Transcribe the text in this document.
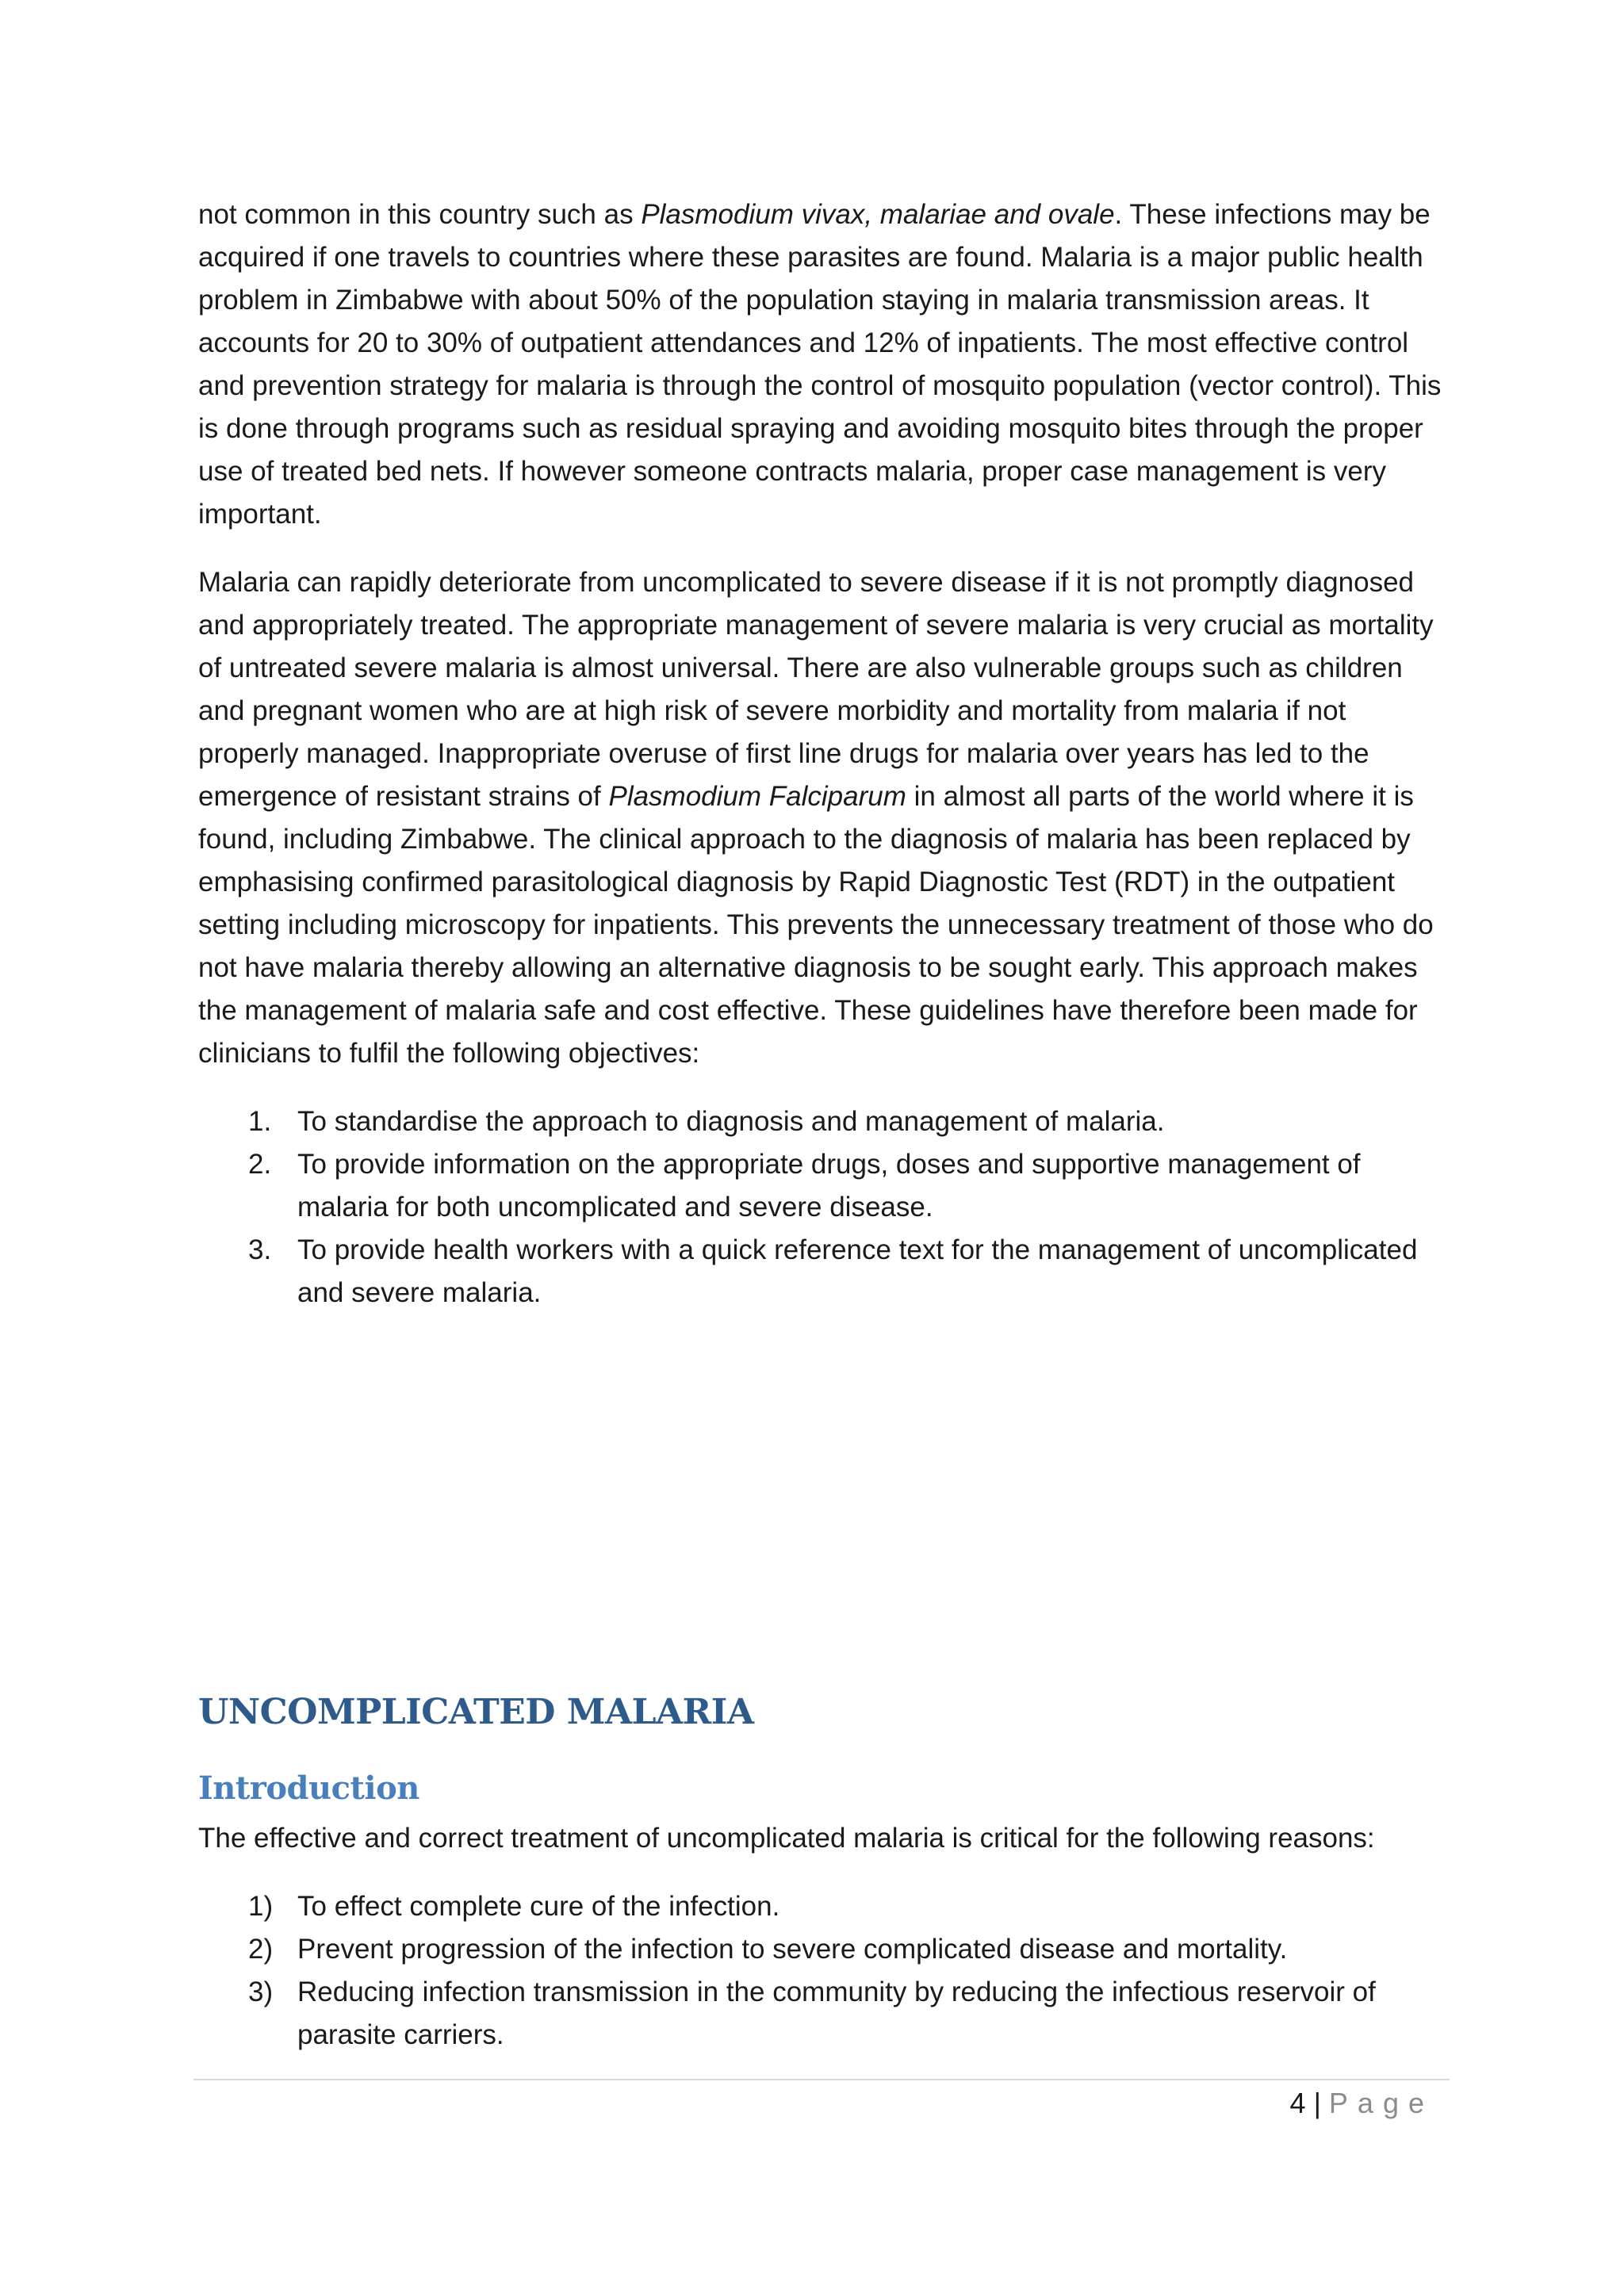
not common in this country such as Plasmodium vivax, malariae and ovale. These infections may be acquired if one travels to countries where these parasites are found. Malaria is a major public health problem in Zimbabwe with about 50% of the population staying in malaria transmission areas. It accounts for 20 to 30% of outpatient attendances and 12% of inpatients. The most effective control and prevention strategy for malaria is through the control of mosquito population (vector control). This is done through programs such as residual spraying and avoiding mosquito bites through the proper use of treated bed nets. If however someone contracts malaria, proper case management is very important.

Malaria can rapidly deteriorate from uncomplicated to severe disease if it is not promptly diagnosed and appropriately treated. The appropriate management of severe malaria is very crucial as mortality of untreated severe malaria is almost universal. There are also vulnerable groups such as children and pregnant women who are at high risk of severe morbidity and mortality from malaria if not properly managed. Inappropriate overuse of first line drugs for malaria over years has led to the emergence of resistant strains of Plasmodium Falciparum in almost all parts of the world where it is found, including Zimbabwe. The clinical approach to the diagnosis of malaria has been replaced by emphasising confirmed parasitological diagnosis by Rapid Diagnostic Test (RDT) in the outpatient setting including microscopy for inpatients. This prevents the unnecessary treatment of those who do not have malaria thereby allowing an alternative diagnosis to be sought early. This approach makes the management of malaria safe and cost effective. These guidelines have therefore been made for clinicians to fulfil the following objectives:

1. To standardise the approach to diagnosis and management of malaria.
2. To provide information on the appropriate drugs, doses and supportive management of malaria for both uncomplicated and severe disease.
3. To provide health workers with a quick reference text for the management of uncomplicated and severe malaria.
UNCOMPLICATED MALARIA
Introduction

The effective and correct treatment of uncomplicated malaria is critical for the following reasons:

1) To effect complete cure of the infection.
2) Prevent progression of the infection to severe complicated disease and mortality.
3) Reducing infection transmission in the community by reducing the infectious reservoir of parasite carriers.
4 | Page
